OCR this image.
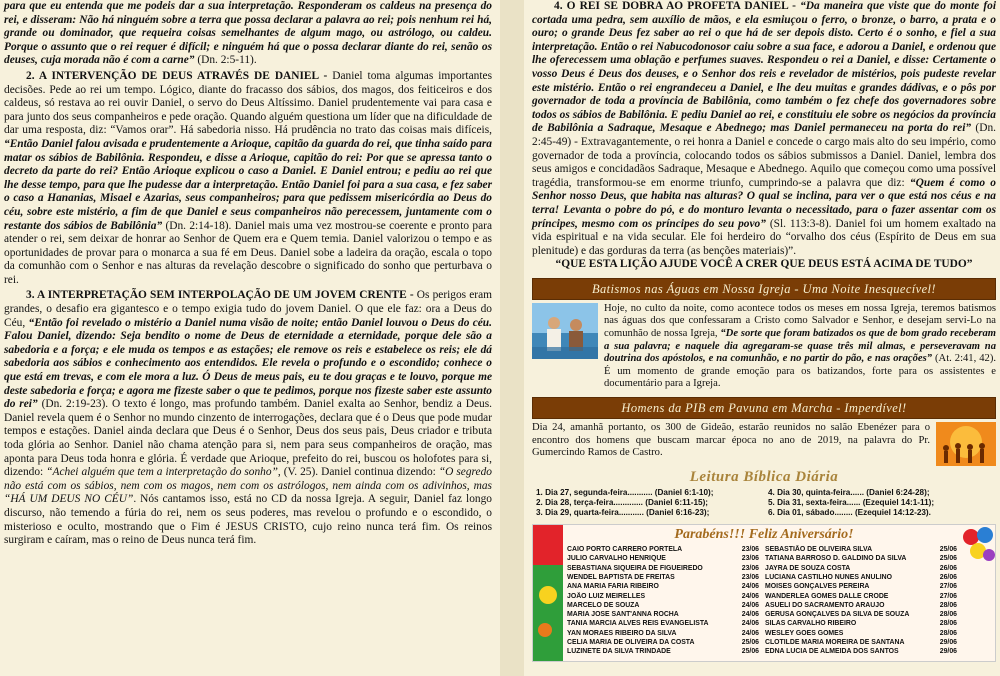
para que eu entenda que me podeis dar a sua interpretação. Responderam os caldeus na presença do rei, e disseram: Não há ninguém sobre a terra que possa declarar a palavra ao rei; pois nenhum rei há, grande ou dominador, que requeira coisas semelhantes de algum mago, ou astrólogo, ou caldeu. Porque o assunto que o rei requer é difícil; e ninguém há que o possa declarar diante do rei, senão os deuses, cuja morada não é com a carne” (Dn. 2:5-11).

2. A INTERVENÇÃO DE DEUS ATRAVÉS DE DANIEL - Daniel toma algumas importantes decisões. Pede ao rei um tempo. Lógico, diante do fracasso dos sábios, dos magos, dos feiticeiros e dos caldeus, só restava ao rei ouvir Daniel, o servo do Deus Altíssimo. Daniel prudentemente vai para casa e para junto dos seus companheiros e pede oração. Quando alguém questiona um líder que na dificuldade de dar uma resposta, diz: “Vamos orar”. Há sabedoria nisso. Há prudência no trato das coisas mais difíceis, “Então Daniel falou avisada e prudentemente a Arioque, capitão da guarda do rei, que tinha saído para matar os sábios de Babilônia. Respondeu, e disse a Arioque, capitão do rei: Por que se apressa tanto o decreto da parte do rei? Então Arioque explicou o caso a Daniel. E Daniel entrou; e pediu ao rei que lhe desse tempo, para que lhe pudesse dar a interpretação. Então Daniel foi para a sua casa, e fez saber o caso a Hananias, Misael e Azarias, seus companheiros; para que pedissem misericórdia ao Deus do céu, sobre este mistério, a fim de que Daniel e seus companheiros não perecessem, juntamente com o restante dos sábios de Babilônia” (Dn. 2:14-18). Daniel mais uma vez mostrou-se coerente e pronto para atender o rei, sem deixar de honrar ao Senhor de Quem era e Quem temia. Daniel valorizou o tempo e as oportunidades de provar para o monarca a sua fé em Deus. Daniel sobe a ladeira da oração, escala o topo da comunhão com o Senhor e nas alturas da revelação descobre o significado do sonho que perturbava o rei.

3. A INTERPRETAÇÃO SEM INTERPOLAÇÃO DE UM JOVEM CRENTE - Os perigos eram grandes, o desafio era gigantesco e o tempo exigia tudo do jovem Daniel. O que ele faz: ora a Deus do Céu, “Então foi revelado o mistério a Daniel numa visão de noite; então Daniel louvou o Deus do céu. Falou Daniel, dizendo: Seja bendito o nome de Deus de eternidade a eternidade, porque dele são a sabedoria e a força; e ele muda os tempos e as estações; ele remove os reis e estabelece os reis; ele dá sabedoria aos sábios e conhecimento aos entendidos. Ele revela o profundo e o escondido; conhece o que está em trevas, e com ele mora a luz. Ó Deus de meus pais, eu te dou graças e te louvo, porque me deste sabedoria e força; e agora me fizeste saber o que te pedimos, porque nos fizeste saber este assunto do rei” (Dn. 2:19-23). O texto é longo, mas profundo também. Daniel exalta ao Senhor, bendiz a Deus. Daniel revela quem é o Senhor no mundo cinzento de interrogações, declara que é o Deus que pode mudar tempos e estações. Daniel ainda declara que Deus é o Senhor, Deus dos seus pais, Deus criador e tributa toda glória ao Senhor. Daniel não chama atenção para si, nem para seus companheiros de oração, mas aponta para Deus toda honra e glória. É verdade que Arioque, prefeito do rei, buscou os holofotes para si, dizendo: “Achei alguém que tem a interpretação do sonho”, (V. 25). Daniel continua dizendo: “O segredo não está com os sábios, nem com os magos, nem com os astrólogos, nem ainda com os adivinhos, mas “HÁ UM DEUS NO CÉU”. Nós cantamos isso, está no CD da nossa Igreja. A seguir, Daniel faz longo discurso, não temendo a fúria do rei, nem os seus poderes, mas revelou o profundo e o escondido, o misterioso e oculto, mostrando que o Fim é JESUS CRISTO, cujo reino nunca terá fim. Os reinos surgiram e caíram, mas o reino de Deus nunca terá fim.

4. O REI SE DOBRA AO PROFETA DANIEL - “Da maneira que viste que do monte foi cortada uma pedra, sem auxílio de mãos, e ela esmiuçou o ferro, o bronze, o barro, a prata e o ouro; o grande Deus fez saber ao rei o que há de ser depois disto. Certo é o sonho, e fiel a sua interpretação. Então o rei Nabucodonosor caiu sobre a sua face, e adorou a Daniel, e ordenou que lhe oferecessem uma oblação e perfumes suaves. Respondeu o rei a Daniel, e disse: Certamente o vosso Deus é Deus dos deuses, e o Senhor dos reis e revelador de mistérios, pois pudeste revelar este mistério. Então o rei engrandeceu a Daniel, e lhe deu muitas e grandes dádivas, e o pôs por governador de toda a província de Babilônia, como também o fez chefe dos governadores sobre todos os sábios de Babilônia. E pediu Daniel ao rei, e constituiu ele sobre os negócios da província de Babilônia a Sadraque, Mesaque e Abednego; mas Daniel permaneceu na porta do rei” (Dn. 2:45-49) - Extravagantemente, o rei honra a Daniel e concede o cargo mais alto do seu império, como governador de toda a província, colocando todos os sábios submissos a Daniel. Daniel, lembra dos seus amigos e concidadãos Sadraque, Mesaque e Abednego. Aquilo que começou como uma possível tragédia, transformou-se em enorme triunfo, cumprindo-se a palavra que diz: “Quem é como o Senhor nosso Deus, que habita nas alturas? O qual se inclina, para ver o que está nos céus e na terra! Levanta o pobre do pó, e do monturo levanta o necessitado, para o fazer assentar com os príncipes, mesmo com os príncipes do seu povo” (Sl. 113:3-8). Daniel foi um homem exaltado na vida espiritual e na vida secular. Ele foi herdeiro do “orvalho dos céus (Espírito de Deus em sua plenitude) e das gorduras da terra (as benções materiais)”.

“QUE ESTA LIÇÃO AJUDE VOCÊ A CRER QUE DEUS ESTÁ ACIMA DE TUDO”

Batismos nas Águas em Nossa Igreja - Uma Noite Inesquecível!

Hoje, no culto da noite, como acontece todos os meses em nossa Igreja, teremos batismos nas águas dos que confessaram a Cristo como Salvador e Senhor, e desejam servi-Lo na comunhão de nossa Igreja, “De sorte que foram batizados os que de bom grado receberam a sua palavra; e naquele dia agregaram-se quase três mil almas, e perseveravam na doutrina dos apóstolos, e na comunhão, e no partir do pão, e nas orações” (At. 2:41, 42). É um momento de grande emoção para os batizandos, forte para os assistentes e documentário para a Igreja.

Homens da PIB em Pavuna em Marcha - Imperdível!

Dia 24, amanhã portanto, os 300 de Gideão, estarão reunidos no salão Ebenézer para o encontro dos homens que buscam marcar época no ano de 2019, na palavra do Pr. Gumercindo Ramos de Castro.

Leitura Bíblica Diária
1. Dia 27, segunda-feira........... (Daniel 6:1-10);	4. Dia 30, quinta-feira...... (Daniel 6:24-28);
2. Dia 28, terça-feira............. (Daniel 6:11-15);	5. Dia 31, sexta-feira...... (Ezequiel 14:1-11);
3. Dia 29, quarta-feira........... (Daniel 6:16-23);	6. Dia 01, sábado........ (Ezequiel 14:12-23).
Parabéns!!! Feliz Aniversário!
CAIO PORTO CARRERO PORTELA	23/06
JULIO CARVALHO HENRIQUE	23/06
SEBASTIANA SIQUEIRA DE FIGUEIREDO	23/06
WENDEL BAPTISTA DE FREITAS	23/06
ANA MARIA FARIA RIBEIRO	24/06
JOÃO LUIZ MEIRELLES	24/06
MARCELO DE SOUZA	24/06
MARIA JOSE SANT'ANNA ROCHA	24/06
TANIA MARCIA ALVES REIS EVANGELISTA	24/06
YAN MORAES RIBEIRO DA SILVA	24/06
CELIA MARIA DE OLIVEIRA DA COSTA	25/06
LUZINETE DA SILVA TRINDADE	25/06
SEBASTIÃO DE OLIVEIRA SILVA	25/06
TATIANA BARROSO D. GALDINO DA SILVA	25/06
JAYRA DE SOUZA COSTA	26/06
LUCIANA CASTILHO NUNES ANULINO	26/06
MOISES GONÇALVES PEREIRA	27/06
WANDERLEA GOMES DALLE CRODE	27/06
ASUELI DO SACRAMENTO ARAUJO	28/06
GERUSA GONÇALVES DA SILVA DE SOUZA	28/06
SILAS CARVALHO RIBEIRO	28/06
WESLEY GOES GOMES	28/06
CLOTILDE MARIA MOREIRA DE SANTANA	29/06
EDNA LUCIA DE ALMEIDA DOS SANTOS	29/06
